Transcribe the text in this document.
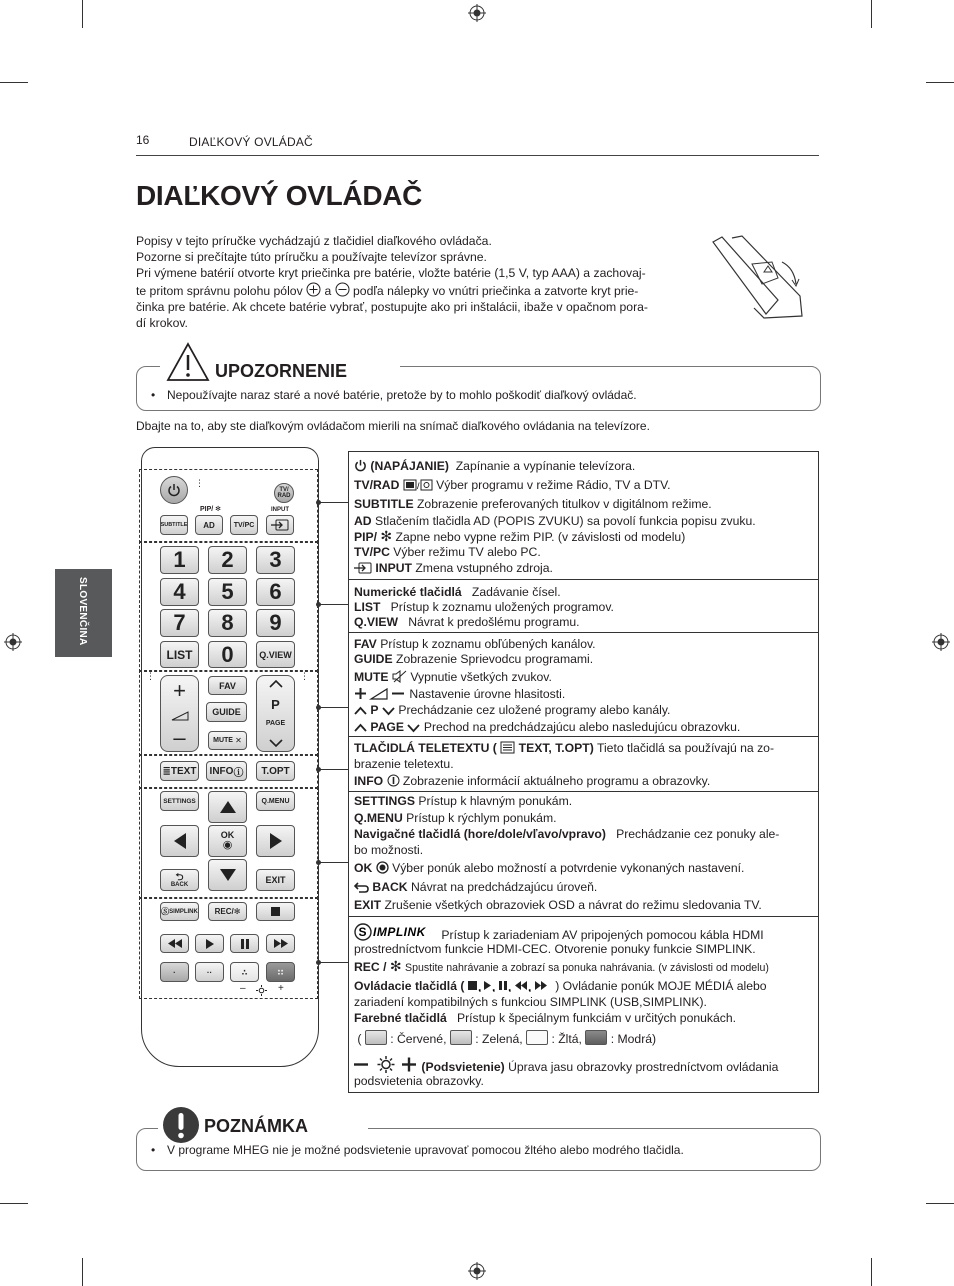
16	DIAĽKOVÝ OVLÁDAČ
DIAĽKOVÝ OVLÁDAČ
SLOVENČINA
Popisy v tejto príručke vychádzajú z tlačidiel diaľkového ovládača.
Pozorne si prečítajte túto príručku a používajte televízor správne.
Pri výmene batérií otvorte kryt priečinka pre batérie, vložte batérie (1,5 V, typ AAA) a zachovaj-
te pritom správnu polohu pólov a podľa nálepky vo vnútri priečinka a zatvorte kryt prie-
činka pre batérie. Ak chcete batérie vybrať, postupujte ako pri inštalácii, ibaže v opačnom pora-
dí krokov.
UPOZORNENIE
• Nepoužívajte naraz staré a nové batérie, pretože by to mohlo poškodiť diaľkový ovládač.
Dbajte na to, aby ste diaľkovým ovládačom mierili na snímač diaľkového ovládania na televízore.
⋮
TV/ RAD
PIP/ ✻	INPUT
SUBTITLE	AD	TV/PC
1	2	3
4	5	6
7	8	9
LIST	0	Q.VIEW
⋮	⋮
+
–
FAV
GUIDE
MUTE ✕
P
PAGE
≣ TEXT INFO ⓘ	T.OPT
SETTINGS	Q.MENU
OK
◉
⮌
BACK	EXIT
Ⓢ SIMPLINK	REC/✻
·	··	∴	∷
–	+
(NAPÁJANIE) Zapínanie a vypínanie televízora.
TV/RAD / Výber programu v režime Rádio, TV a DTV.
SUBTITLE Zobrazenie preferovaných titulkov v digitálnom režime.
AD Stlačením tlačidla AD (POPIS ZVUKU) sa povolí funkcia popisu zvuku.
PIP/ ✻ Zapne nebo vypne režim PIP. (v závislosti od modelu)
TV/PC Výber režimu TV alebo PC.
INPUT Zmena vstupného zdroja.
Numerické tlačidlá Zadávanie čísel.
LIST Prístup k zoznamu uložených programov.
Q.VIEW Návrat k predošlému programu.
FAV Prístup k zoznamu obľúbených kanálov.
GUIDE Zobrazenie Sprievodcu programami.
MUTE Vypnutie všetkých zvukov.
Nastavenie úrovne hlasitosti.
P Prechádzanie cez uložené programy alebo kanály.
PAGE Prechod na predchádzajúcu alebo nasledujúcu obrazovku.
TLAČIDLÁ TELETEXTU ( TEXT, T.OPT) Tieto tlačidlá sa používajú na zo-
brazenie teletextu.
INFO Zobrazenie informácií aktuálneho programu a obrazovky.
SETTINGS Prístup k hlavným ponukám.
Q.MENU Prístup k rýchlym ponukám.
Navigačné tlačidlá (hore/dole/vľavo/vpravo) Prechádzanie cez ponuky ale-
bo možnosti.
OK Výber ponúk alebo možností a potvrdenie vykonaných nastavení.
BACK Návrat na predchádzajúcu úroveň.
EXIT Zrušenie všetkých obrazoviek OSD a návrat do režimu sledovania TV.
S IMPLINK Prístup k zariadeniam AV pripojených pomocou kábla HDMI
prostredníctvom funkcie HDMI-CEC. Otvorenie ponuky funkcie SIMPLINK.
REC / ✻ Spustite nahrávanie a zobrazí sa ponuka nahrávania. (v závislosti od modelu)
Ovládacie tlačidlá ( , , , , ) Ovládanie ponúk MOJE MÉDIÁ alebo
zariadení kompatibilných s funkciou SIMPLINK (USB,SIMPLINK).
Farebné tlačidlá Prístup k špeciálnym funkciám v určitých ponukách.
( : Červené, : Zelená, : Žltá, : Modrá)
(Podsvietenie) Úprava jasu obrazovky prostredníctvom ovládania
podsvietenia obrazovky.
POZNÁMKA
• V programe MHEG nie je možné podsvietenie upravovať pomocou žltého alebo modrého tlačidla.
